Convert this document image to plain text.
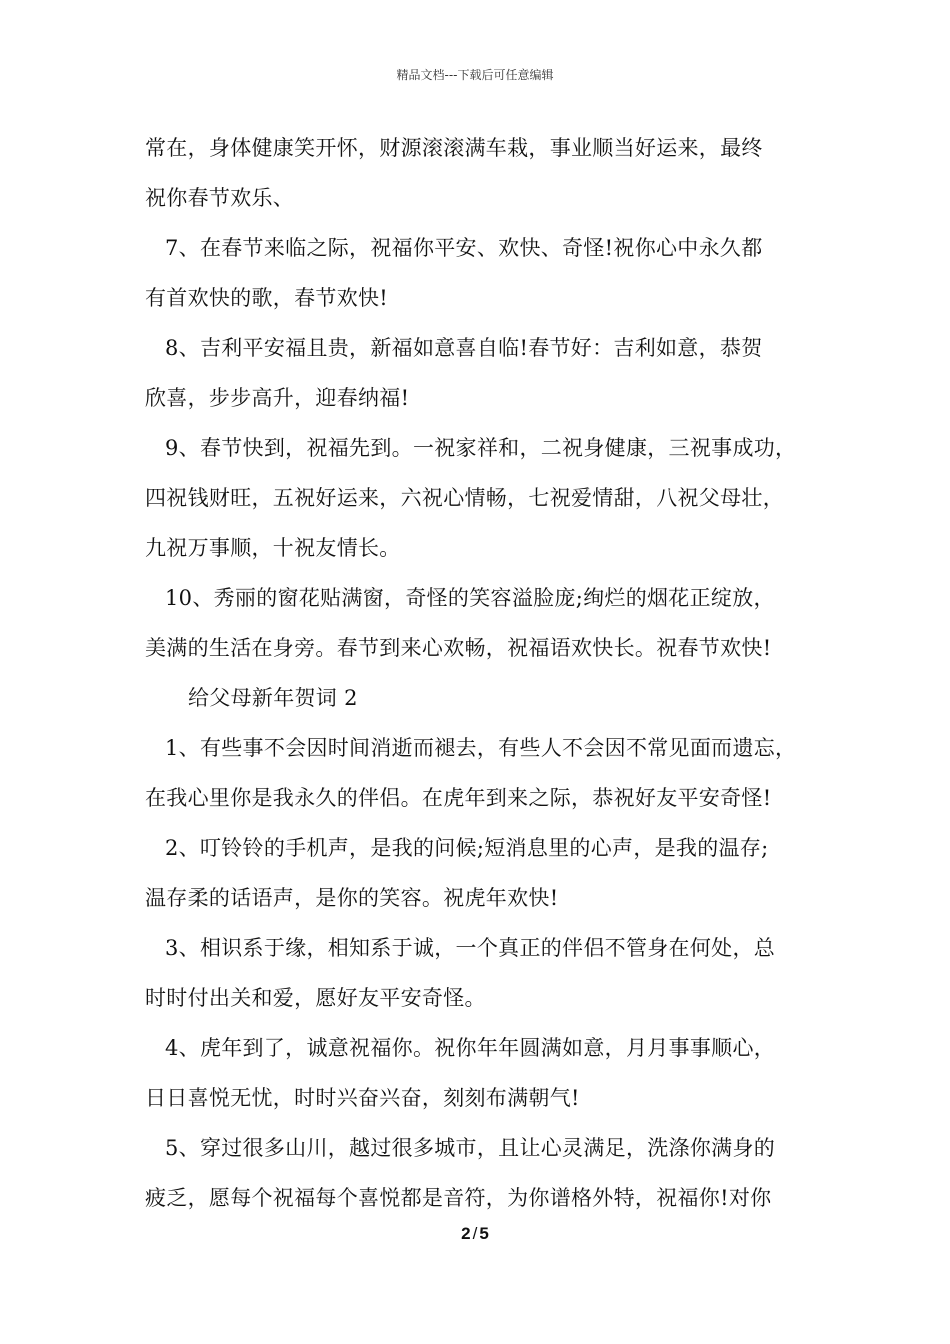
精品文档---下载后可任意编辑
常在，身体健康笑开怀，财源滚滚满车栽，事业顺当好运来，最终
祝你春节欢乐、
7、在春节来临之际，祝福你平安、欢快、奇怪!祝你心中永久都
有首欢快的歌，春节欢快!
8、吉利平安福且贵，新福如意喜自临!春节好：吉利如意，恭贺
欣喜，步步高升，迎春纳福!
9、春节快到，祝福先到。一祝家祥和，二祝身健康，三祝事成功，
四祝钱财旺，五祝好运来，六祝心情畅，七祝爱情甜，八祝父母壮，
九祝万事顺，十祝友情长。
10、秀丽的窗花贴满窗，奇怪的笑容溢脸庞;绚烂的烟花正绽放，
美满的生活在身旁。春节到来心欢畅，祝福语欢快长。祝春节欢快!
给父母新年贺词 2
1、有些事不会因时间消逝而褪去，有些人不会因不常见面而遗忘，
在我心里你是我永久的伴侣。在虎年到来之际，恭祝好友平安奇怪!
2、叮铃铃的手机声，是我的问候;短消息里的心声，是我的温存;
温存柔的话语声，是你的笑容。祝虎年欢快!
3、相识系于缘，相知系于诚，一个真正的伴侣不管身在何处，总
时时付出关和爱，愿好友平安奇怪。
4、虎年到了，诚意祝福你。祝你年年圆满如意，月月事事顺心，
日日喜悦无忧，时时兴奋兴奋，刻刻布满朝气!
5、穿过很多山川，越过很多城市，且让心灵满足，洗涤你满身的
疲乏，愿每个祝福每个喜悦都是音符，为你谱格外特，祝福你!对你
2 / 5
